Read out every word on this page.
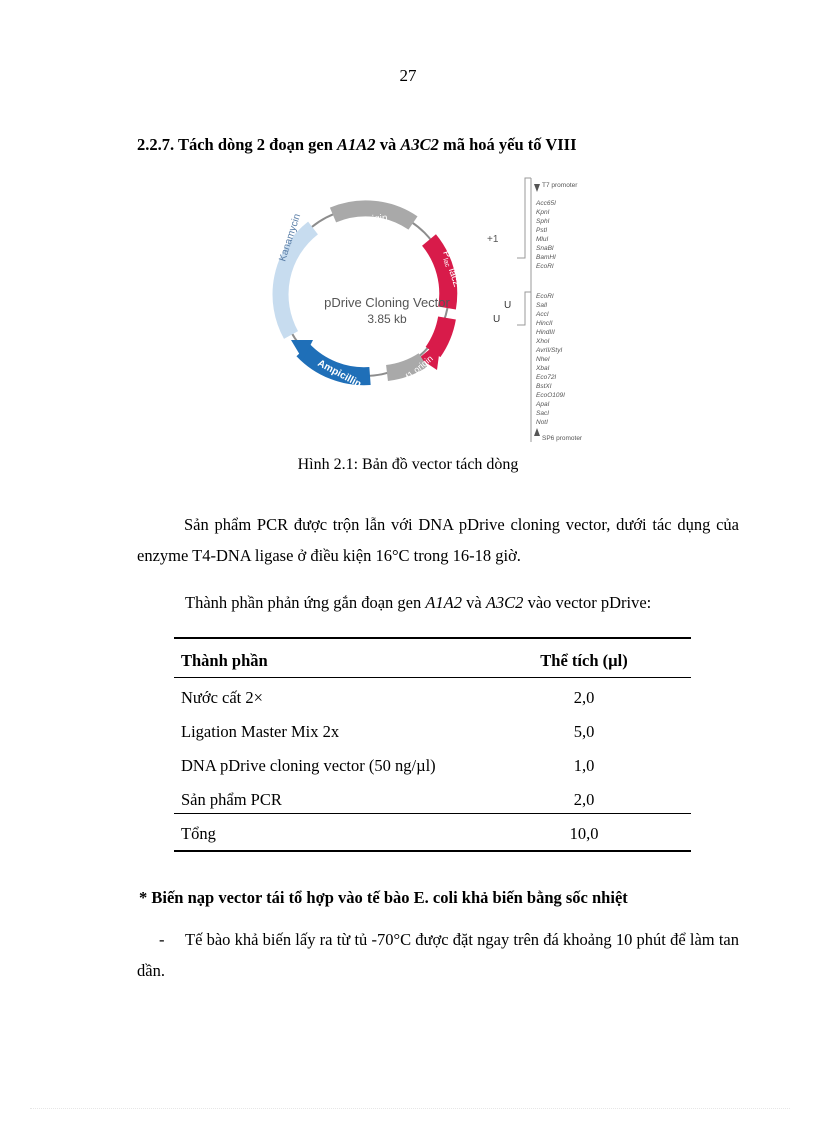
27
2.2.7. Tách dòng 2 đoạn gen A1A2 và A3C2 mã hoá yếu tố VIII
origin
Kanamycin
Ampicillin	f1 origin
$P_{lac}$ lacZ
+1
U
U
pDrive Cloning Vector
3.85 kb
T7 promoter
Acc65I
KpnI
SphI
PstI
MluI
SnaBI
BamHI
EcoRI
EcoRI
SalI
AccI
HincII
HindIII
XhoI
AvrII/StyI
NheI
XbaI
Eco72I
BstXI
EcoO109I
ApaI
SacI
NotI
SP6 promoter
Hình 2.1: Bản đồ vector tách dòng
Sản phẩm PCR được trộn lẫn với DNA pDrive cloning vector, dưới tác dụng của enzyme T4-DNA ligase ở điều kiện 16°C trong 16-18 giờ.
Thành phần phản ứng gắn đoạn gen A1A2 và A3C2 vào vector pDrive:
Thành phần	Thể tích (µl)
Nước cất 2×	2,0
Ligation Master Mix 2x	5,0
DNA pDrive cloning vector (50 ng/µl)	1,0
Sản phẩm PCR	2,0
Tổng	10,0
* Biến nạp vector tái tổ hợp vào tế bào E. coli khả biến bằng sốc nhiệt
- Tế bào khả biến lấy ra từ tủ -70°C được đặt ngay trên đá khoảng 10 phút để làm tan dần.
